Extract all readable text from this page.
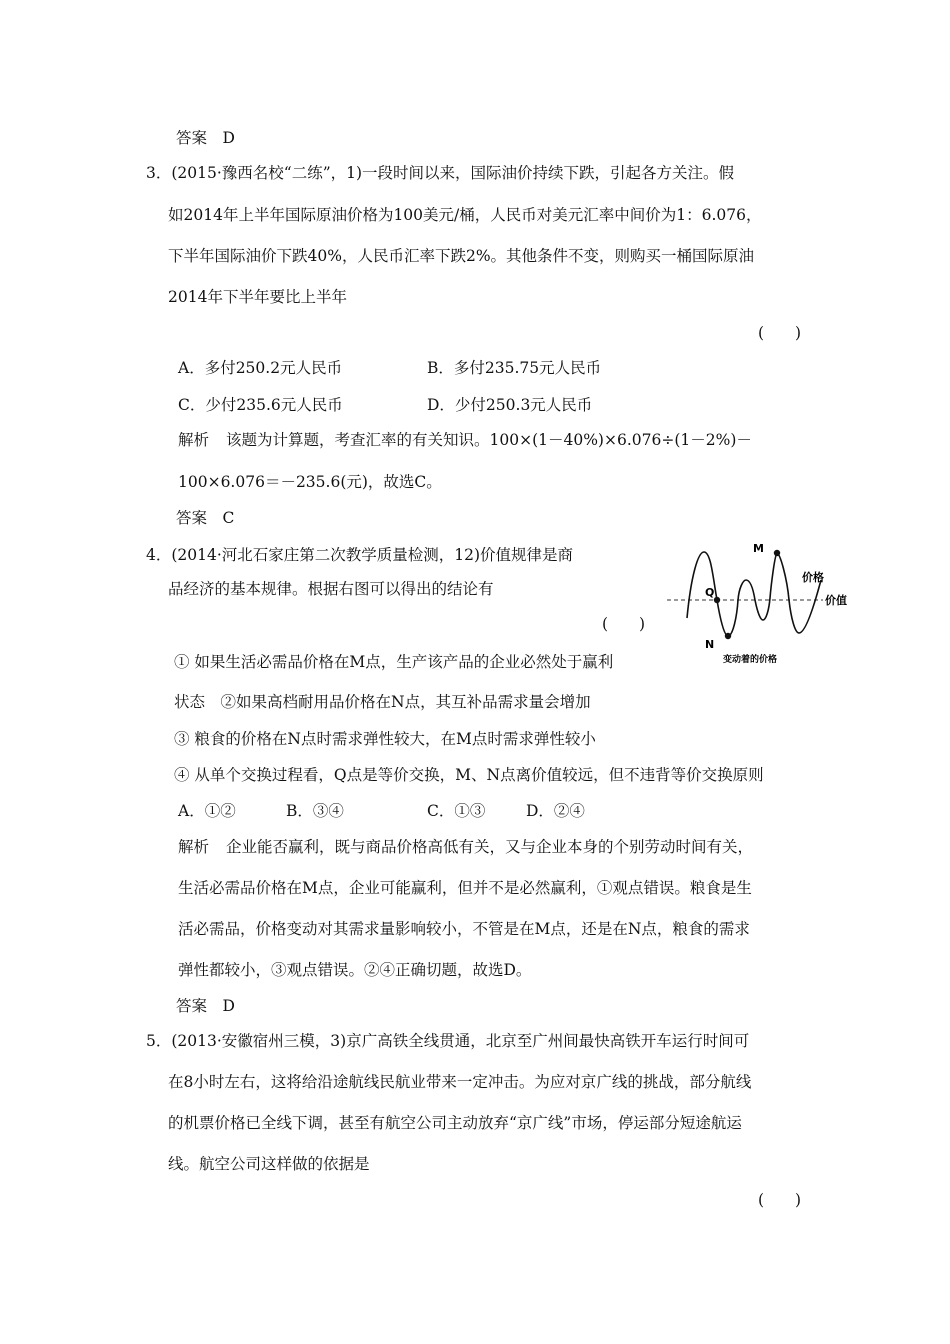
答案　D
3．(2015·豫西名校“二练”，1)一段时间以来，国际油价持续下跌，引起各方关注。假
如2014年上半年国际原油价格为100美元/桶，人民币对美元汇率中间价为1：6.076，
下半年国际油价下跌40%，人民币汇率下跌2%。其他条件不变，则购买一桶国际原油
2014年下半年要比上半年
(　　)
A．多付250.2元人民币	B．多付235.75元人民币
C．少付235.6元人民币	D．少付250.3元人民币
解析 该题为计算题，考查汇率的有关知识。100×(1－40%)×6.076÷(1－2%)－
100×6.076＝－235.6(元)，故选C。
答案　C
4．(2014·河北石家庄第二次教学质量检测，12)价值规律是商
品经济的基本规律。根据右图可以得出的结论有
(　　)
① 如果生活必需品价格在M点，生产该产品的企业必然处于赢利
状态　②如果高档耐用品价格在N点，其互补品需求量会增加
③ 粮食的价格在N点时需求弹性较大，在M点时需求弹性较小
④ 从单个交换过程看，Q点是等价交换，M、N点离价值较远，但不违背等价交换原则
A．①②	B．③④	C．①③	D．②④
解析 企业能否赢利，既与商品价格高低有关，又与企业本身的个别劳动时间有关，
生活必需品价格在M点，企业可能赢利，但并不是必然赢利，①观点错误。粮食是生
活必需品，价格变动对其需求量影响较小，不管是在M点，还是在N点，粮食的需求
弹性都较小，③观点错误。②④正确切题，故选D。
答案　D
M
Q
N
价格
价值
变动着的价格
5．(2013·安徽宿州三模，3)京广高铁全线贯通，北京至广州间最快高铁开车运行时间可
在8小时左右，这将给沿途航线民航业带来一定冲击。为应对京广线的挑战，部分航线
的机票价格已全线下调，甚至有航空公司主动放弃“京广线”市场，停运部分短途航运
线。航空公司这样做的依据是
(　　)
